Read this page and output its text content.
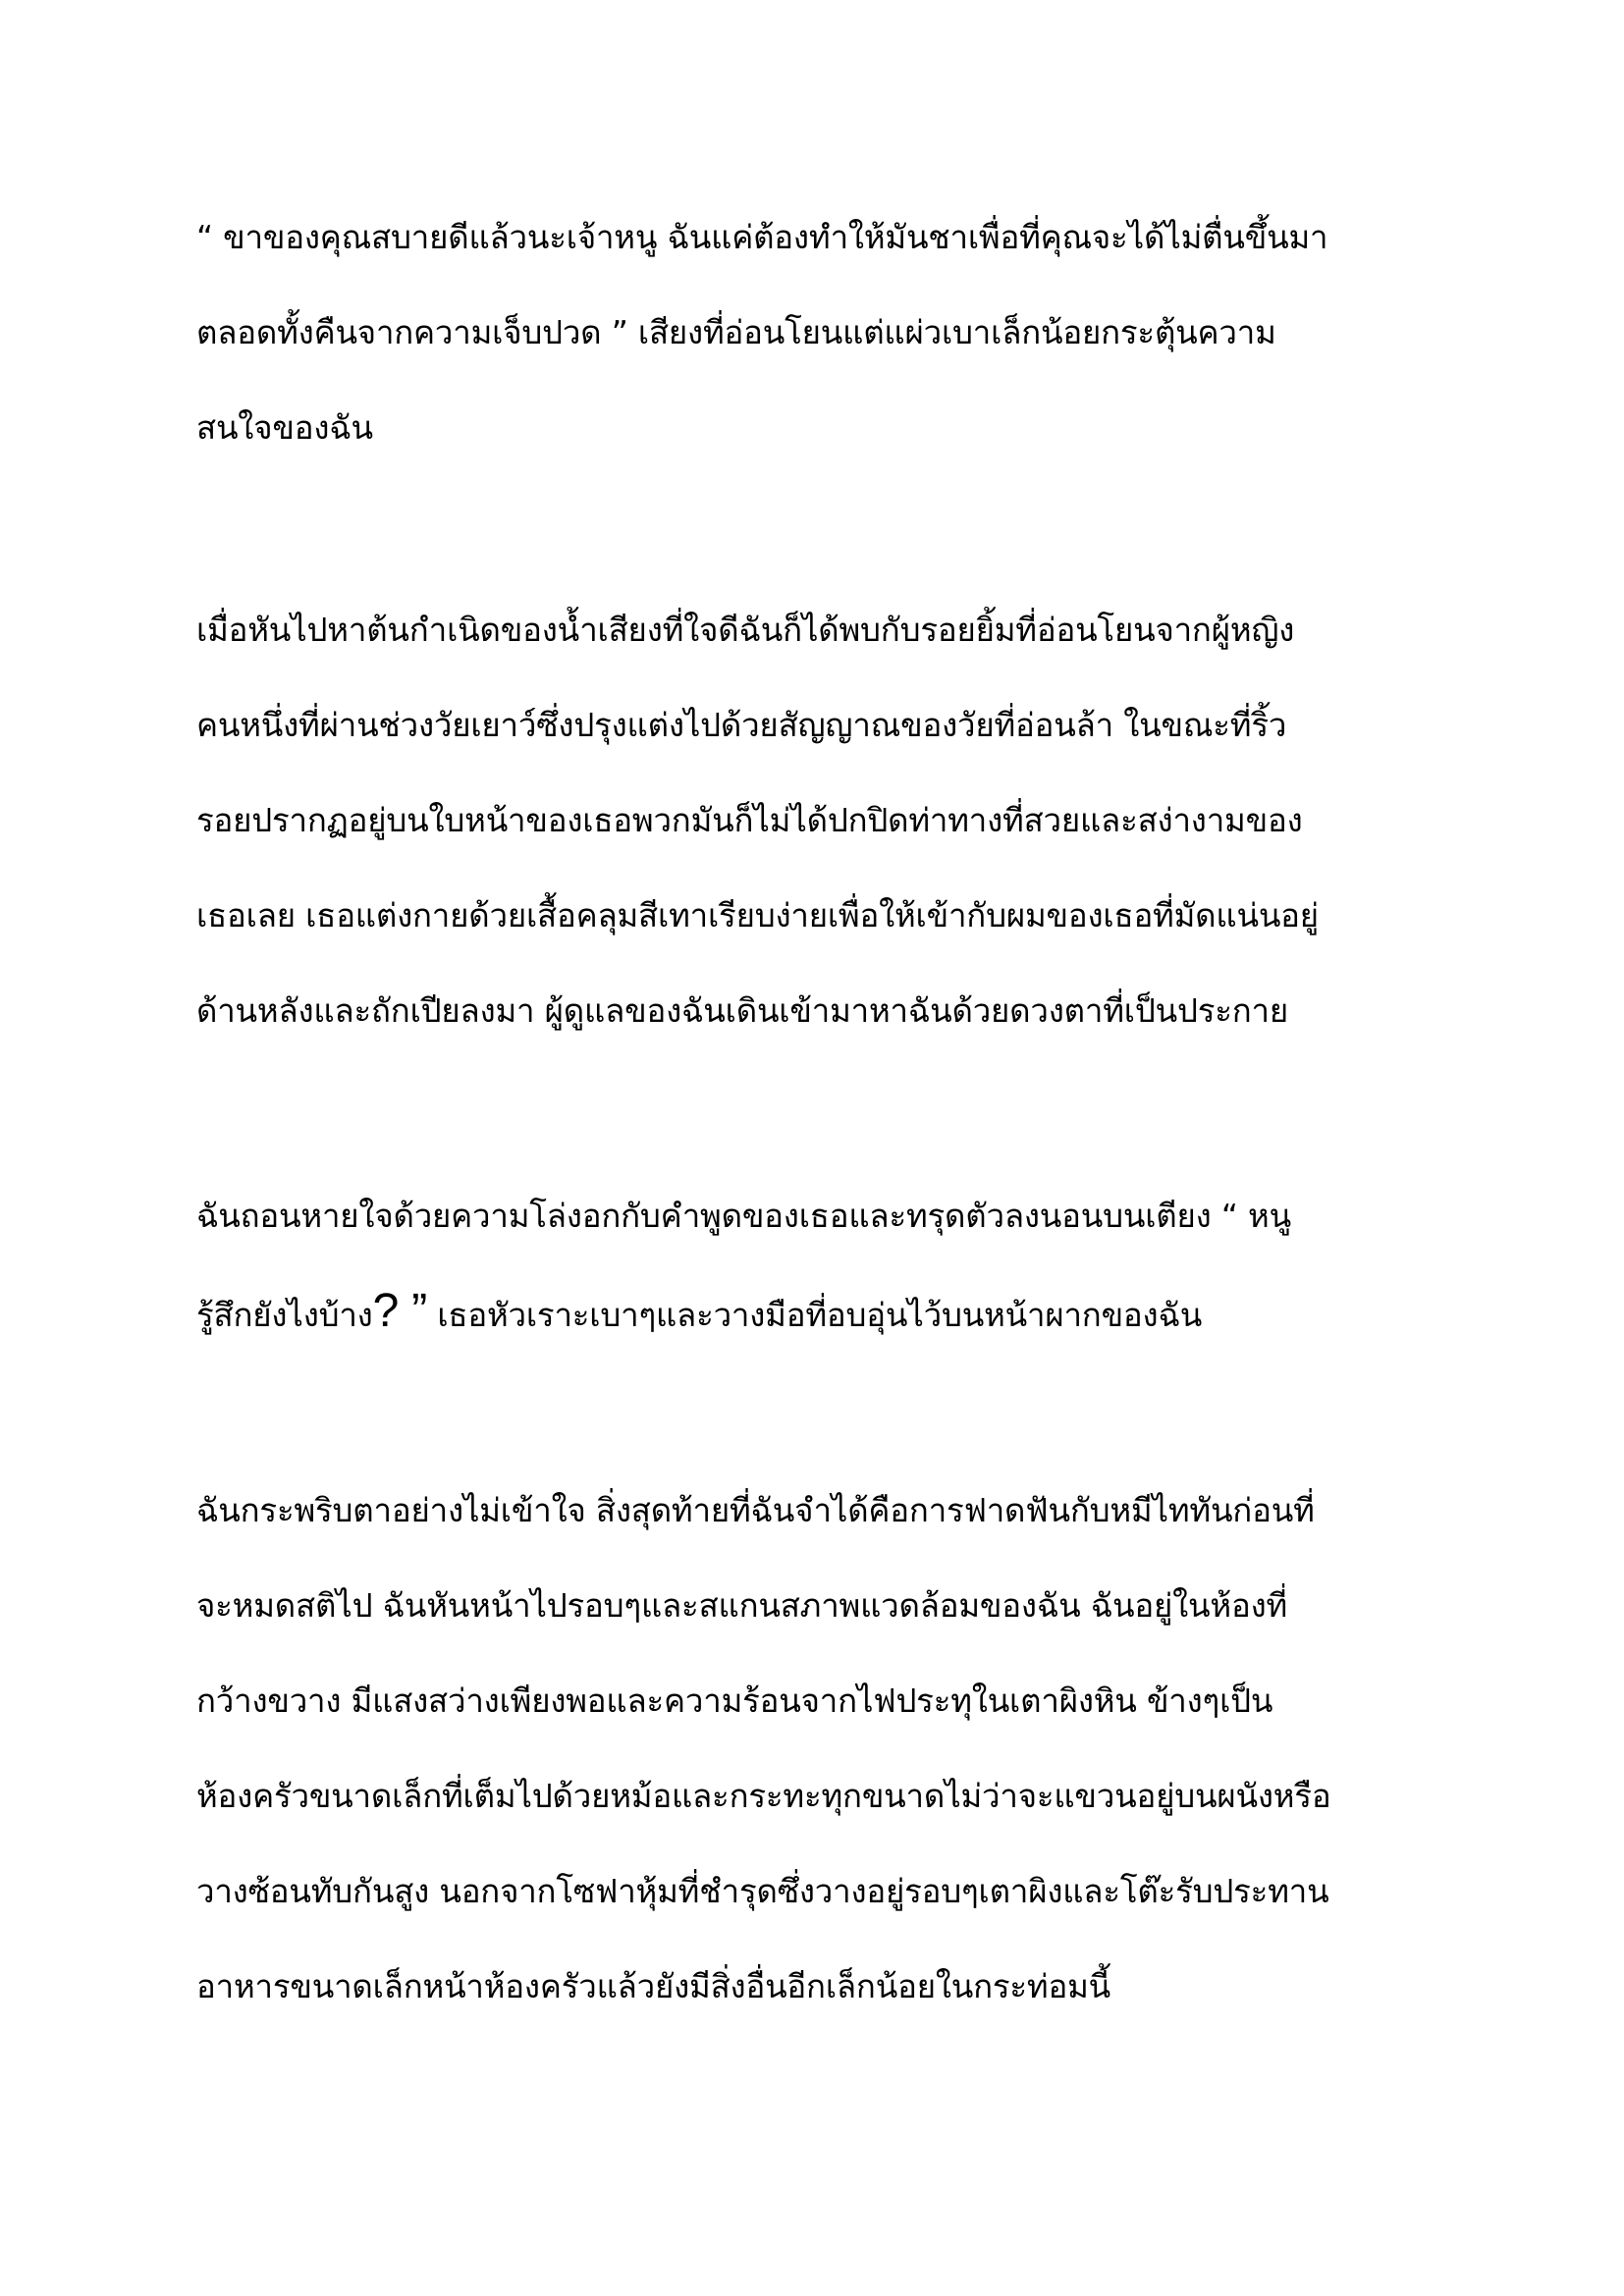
“ ขาของคุณสบายดีแล้วนะเจ้าหนู ฉันแค่ต้องทำให้มันชาเพื่อที่คุณจะได้ไม่ตื่นขึ้นมา
ตลอดทั้งคืนจากความเจ็บปวด ” เสียงที่อ่อนโยนแต่แผ่วเบาเล็กน้อยกระตุ้นความ
สนใจของฉัน
เมื่อหันไปหาต้นกำเนิดของน้ำเสียงที่ใจดีฉันก็ได้พบกับรอยยิ้มที่อ่อนโยนจากผู้หญิง
คนหนึ่งที่ผ่านช่วงวัยเยาว์ซึ่งปรุงแต่งไปด้วยสัญญาณของวัยที่อ่อนล้า ในขณะที่ริ้ว
รอยปรากฏอยู่บนใบหน้าของเธอพวกมันก็ไม่ได้ปกปิดท่าทางที่สวยและสง่างามของ
เธอเลย เธอแต่งกายด้วยเสื้อคลุมสีเทาเรียบง่ายเพื่อให้เข้ากับผมของเธอที่มัดแน่นอยู่
ด้านหลังและถักเปียลงมา ผู้ดูแลของฉันเดินเข้ามาหาฉันด้วยดวงตาที่เป็นประกาย
ฉันถอนหายใจด้วยความโล่งอกกับคำพูดของเธอและทรุดตัวลงนอนบนเตียง “ หนู
รู้สึกยังไงบ้าง? ” เธอหัวเราะเบาๆและวางมือที่อบอุ่นไว้บนหน้าผากของฉัน
ฉันกระพริบตาอย่างไม่เข้าใจ สิ่งสุดท้ายที่ฉันจำได้คือการฟาดฟันกับหมีไททันก่อนที่
จะหมดสติไป ฉันหันหน้าไปรอบๆและสแกนสภาพแวดล้อมของฉัน ฉันอยู่ในห้องที่
กว้างขวาง มีแสงสว่างเพียงพอและความร้อนจากไฟประทุในเตาผิงหิน ข้างๆเป็น
ห้องครัวขนาดเล็กที่เต็มไปด้วยหม้อและกระทะทุกขนาดไม่ว่าจะแขวนอยู่บนผนังหรือ
วางซ้อนทับกันสูง นอกจากโซฟาหุ้มที่ชำรุดซึ่งวางอยู่รอบๆเตาผิงและโต๊ะรับประทาน
อาหารขนาดเล็กหน้าห้องครัวแล้วยังมีสิ่งอื่นอีกเล็กน้อยในกระท่อมนี้
